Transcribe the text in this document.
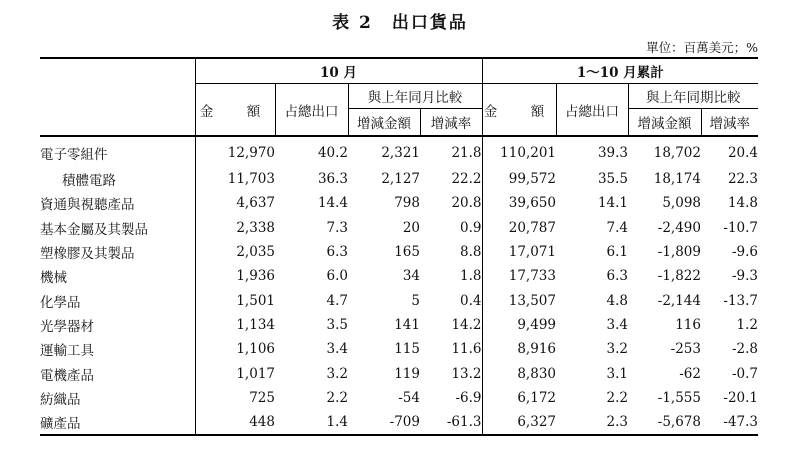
表 2　出口貨品
單位：百萬美元；%
	10 月				1～10 月累計			
	金　額	占總出口	與上年同月比較		金　額	占總出口	與上年同期比較	
			增減金額	增減率			增減金額	增減率
電子零組件	12,970	40.2	2,321	21.8	110,201	39.3	18,702	20.4
積體電路	11,703	36.3	2,127	22.2	99,572	35.5	18,174	22.3
資通與視聽產品	4,637	14.4	798	20.8	39,650	14.1	5,098	14.8
基本金屬及其製品	2,338	7.3	20	0.9	20,787	7.4	-2,490	-10.7
塑橡膠及其製品	2,035	6.3	165	8.8	17,071	6.1	-1,809	-9.6
機械	1,936	6.0	34	1.8	17,733	6.3	-1,822	-9.3
化學品	1,501	4.7	5	0.4	13,507	4.8	-2,144	-13.7
光學器材	1,134	3.5	141	14.2	9,499	3.4	116	1.2
運輸工具	1,106	3.4	115	11.6	8,916	3.2	-253	-2.8
電機產品	1,017	3.2	119	13.2	8,830	3.1	-62	-0.7
紡織品	725	2.2	-54	-6.9	6,172	2.2	-1,555	-20.1
礦產品	448	1.4	-709	-61.3	6,327	2.3	-5,678	-47.3
